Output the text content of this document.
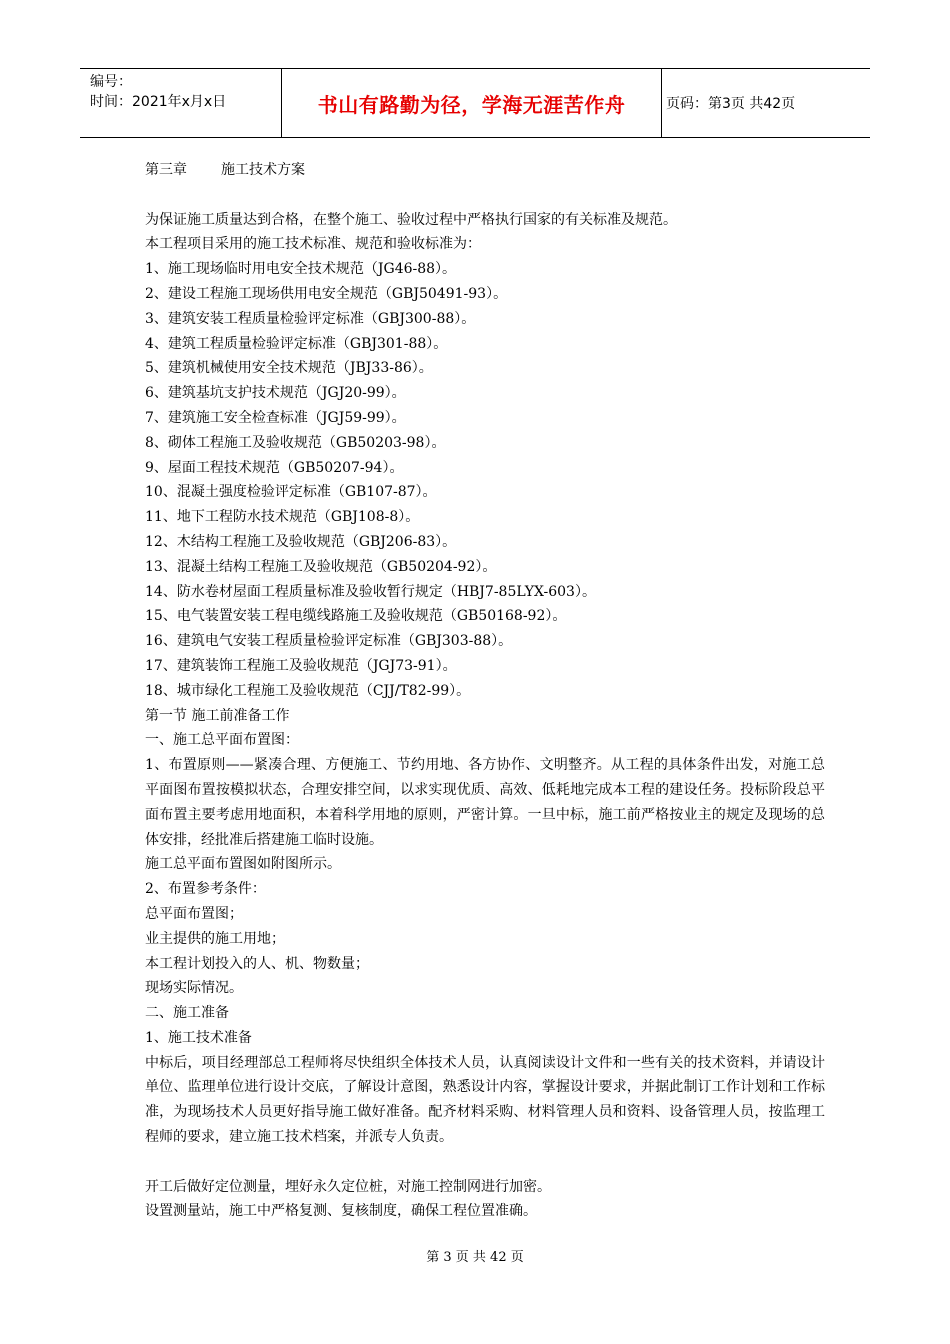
编号：
时间：2021年x月x日	书山有路勤为径，学海无涯苦作舟	页码：第3页 共42页
第三章 施工技术方案
为保证施工质量达到合格，在整个施工、验收过程中严格执行国家的有关标准及规范。
本工程项目采用的施工技术标准、规范和验收标准为：
1、施工现场临时用电安全技术规范（JG46-88）。
2、建设工程施工现场供用电安全规范（GBJ50491-93）。
3、建筑安装工程质量检验评定标准（GBJ300-88）。
4、建筑工程质量检验评定标准（GBJ301-88）。
5、建筑机械使用安全技术规范（JBJ33-86）。
6、建筑基坑支护技术规范（JGJ20-99）。
7、建筑施工安全检查标准（JGJ59-99）。
8、砌体工程施工及验收规范（GB50203-98）。
9、屋面工程技术规范（GB50207-94）。
10、混凝土强度检验评定标准（GB107-87）。
11、地下工程防水技术规范（GBJ108-8）。
12、木结构工程施工及验收规范（GBJ206-83）。
13、混凝土结构工程施工及验收规范（GB50204-92）。
14、防水卷材屋面工程质量标准及验收暂行规定（HBJ7-85LYX-603）。
15、电气装置安装工程电缆线路施工及验收规范（GB50168-92）。
16、建筑电气安装工程质量检验评定标准（GBJ303-88）。
17、建筑装饰工程施工及验收规范（JGJ73-91）。
18、城市绿化工程施工及验收规范（CJJ/T82-99）。
第一节 施工前准备工作
一、施工总平面布置图：
1、布置原则——紧凑合理、方便施工、节约用地、各方协作、文明整齐。从工程的具体条件出发，对施工总平面图布置按模拟状态，合理安排空间，以求实现优质、高效、低耗地完成本工程的建设任务。投标阶段总平面布置主要考虑用地面积，本着科学用地的原则，严密计算。一旦中标，施工前严格按业主的规定及现场的总体安排，经批准后搭建施工临时设施。
施工总平面布置图如附图所示。
2、布置参考条件：
总平面布置图；
业主提供的施工用地；
本工程计划投入的人、机、物数量；
现场实际情况。
二、施工准备
1、施工技术准备
中标后，项目经理部总工程师将尽快组织全体技术人员，认真阅读设计文件和一些有关的技术资料，并请设计单位、监理单位进行设计交底，了解设计意图，熟悉设计内容，掌握设计要求，并据此制订工作计划和工作标准，为现场技术人员更好指导施工做好准备。配齐材料采购、材料管理人员和资料、设备管理人员，按监理工程师的要求，建立施工技术档案，并派专人负责。
开工后做好定位测量，埋好永久定位桩，对施工控制网进行加密。
设置测量站，施工中严格复测、复核制度，确保工程位置准确。
第 3 页 共 42 页
